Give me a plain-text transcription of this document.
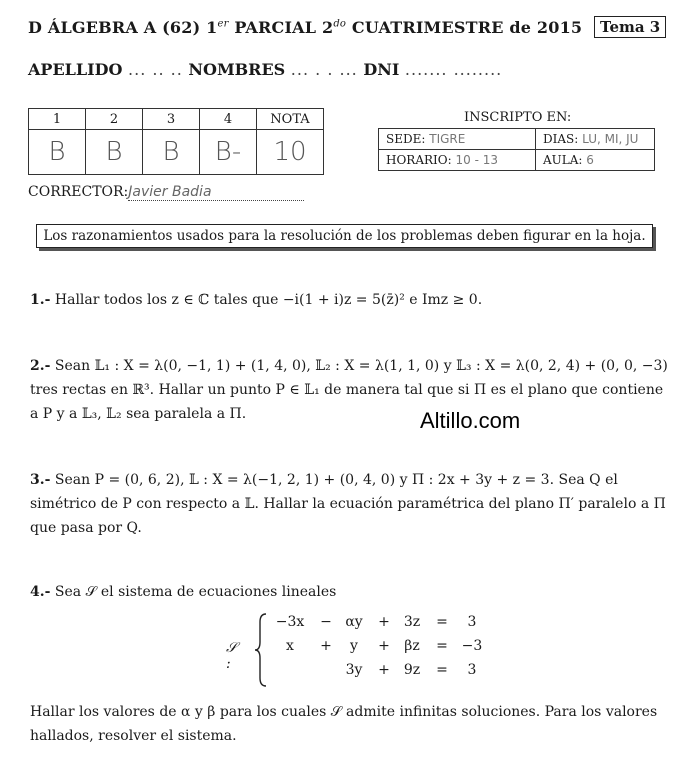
D ÁLGEBRA A (62) 1er PARCIAL $2^{do}$ CUATRIMESTRE de 2015	Tema 3
APELLIDO ... .. .. NOMBRES ... . . ... DNI ....... ........
1	2	3	4	NOTA
B	B	B	B-	10
INSCRIPTO EN:
SEDE: TIGRE	DIAS: LU, MI, JU
HORARIO: 10 - 13	AULA: 6
CORRECTOR:Javier Badia
Los razonamientos usados para la resolución de los problemas deben figurar en la hoja.
1.- Hallar todos los z ∈ ℂ tales que −i(1 + i)z = 5(z̄)² e Imz ≥ 0.
2.- Sean 𝕃₁ : X = λ(0, −1, 1) + (1, 4, 0), 𝕃₂ : X = λ(1, 1, 0) y 𝕃₃ : X = λ(0, 2, 4) + (0, 0, −3) tres rectas en ℝ³. Hallar un punto P ∈ 𝕃₁ de manera tal que si Π es el plano que contiene a P y a 𝕃₃, 𝕃₂ sea paralela a Π.	Altillo.com
3.- Sean P = (0, 6, 2), 𝕃 : X = λ(−1, 2, 1) + (0, 4, 0) y Π : 2x + 3y + z = 3. Sea Q el simétrico de P con respecto a 𝕃. Hallar la ecuación paramétrica del plano Π′ paralelo a Π que pasa por Q.
4.- Sea 𝒮 el sistema de ecuaciones lineales
𝒮 :
−3x	− αy	+ 3z	=	3
x	+	y	+	βz	= −3
3y	+ 9z	=	3
Hallar los valores de α y β para los cuales 𝒮 admite infinitas soluciones. Para los valores hallados, resolver el sistema.
